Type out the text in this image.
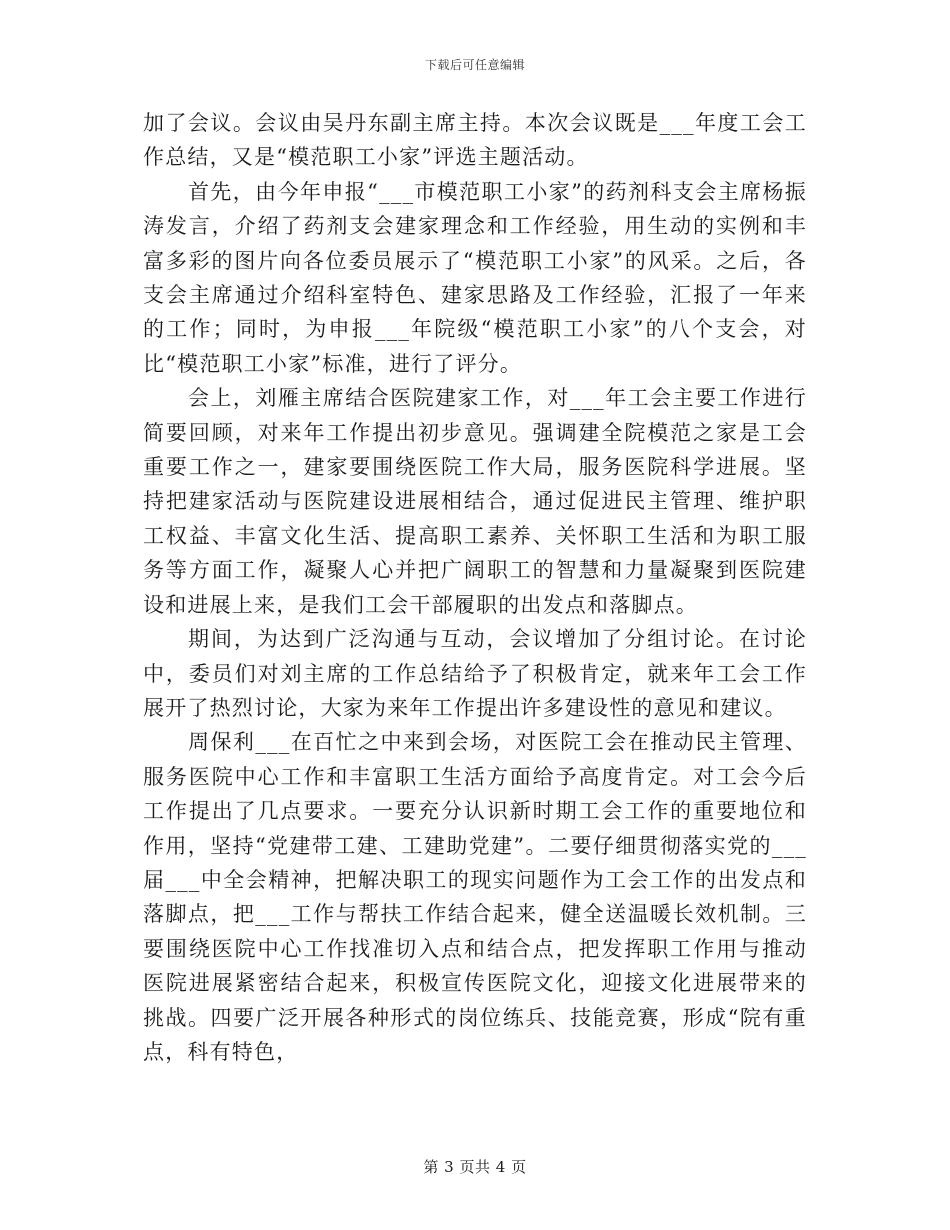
下载后可任意编辑

加了会议。会议由吴丹东副主席主持。本次会议既是___年度工会工作总结，又是“模范职工小家”评选主题活动。

首先，由今年申报“___市模范职工小家”的药剂科支会主席杨振涛发言，介绍了药剂支会建家理念和工作经验，用生动的实例和丰富多彩的图片向各位委员展示了“模范职工小家”的风采。之后，各支会主席通过介绍科室特色、建家思路及工作经验，汇报了一年来的工作；同时，为申报___年院级“模范职工小家”的八个支会，对比“模范职工小家”标准，进行了评分。

会上，刘雁主席结合医院建家工作，对___年工会主要工作进行简要回顾，对来年工作提出初步意见。强调建全院模范之家是工会重要工作之一，建家要围绕医院工作大局，服务医院科学进展。坚持把建家活动与医院建设进展相结合，通过促进民主管理、维护职工权益、丰富文化生活、提高职工素养、关怀职工生活和为职工服务等方面工作，凝聚人心并把广阔职工的智慧和力量凝聚到医院建设和进展上来，是我们工会干部履职的出发点和落脚点。

期间，为达到广泛沟通与互动，会议增加了分组讨论。在讨论中，委员们对刘主席的工作总结给予了积极肯定，就来年工会工作展开了热烈讨论，大家为来年工作提出许多建设性的意见和建议。

周保利___在百忙之中来到会场，对医院工会在推动民主管理、服务医院中心工作和丰富职工生活方面给予高度肯定。对工会今后工作提出了几点要求。一要充分认识新时期工会工作的重要地位和作用，坚持“党建带工建、工建助党建”。二要仔细贯彻落实党的___届___中全会精神，把解决职工的现实问题作为工会工作的出发点和落脚点，把___工作与帮扶工作结合起来，健全送温暖长效机制。三要围绕医院中心工作找准切入点和结合点，把发挥职工作用与推动医院进展紧密结合起来，积极宣传医院文化，迎接文化进展带来的挑战。四要广泛开展各种形式的岗位练兵、技能竞赛，形成“院有重点，科有特色，

第 3 页共 4 页
